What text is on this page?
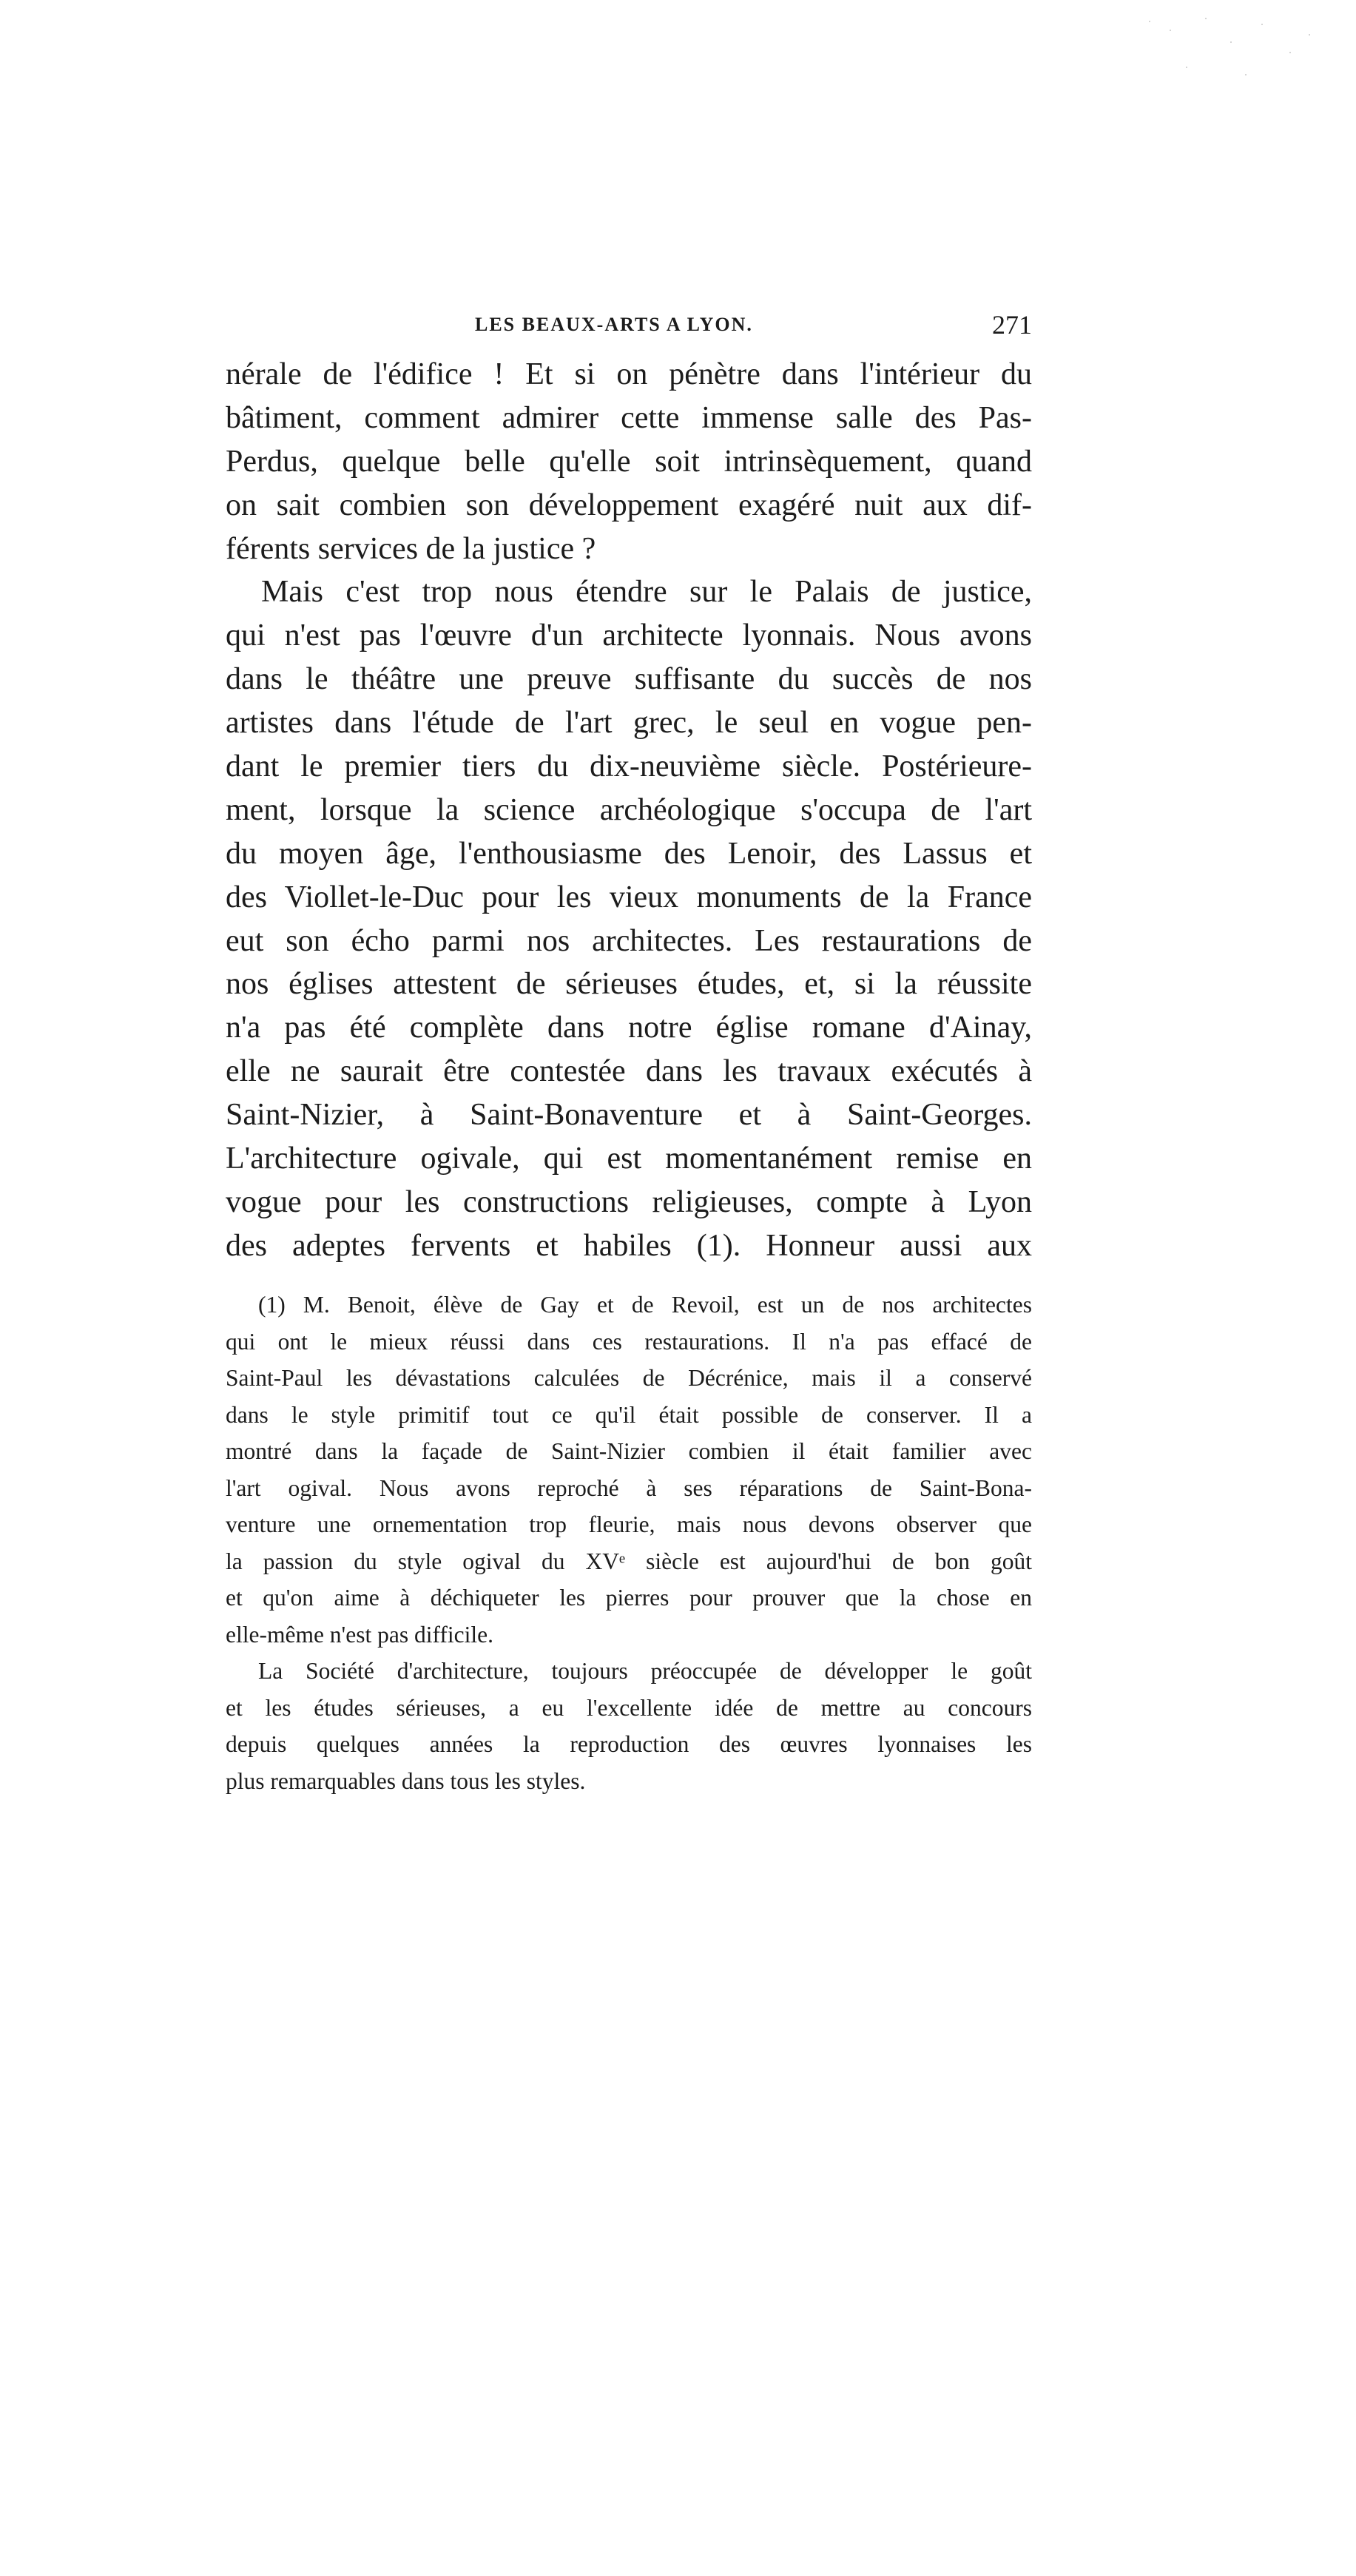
LES BEAUX-ARTS A LYON.	271
nérale de l'édifice ! Et si on pénètre dans l'intérieur du
bâtiment, comment admirer cette immense salle des Pas-
Perdus, quelque belle qu'elle soit intrinsèquement, quand
on sait combien son développement exagéré nuit aux dif-
férents services de la justice ?
Mais c'est trop nous étendre sur le Palais de justice,
qui n'est pas l'œuvre d'un architecte lyonnais. Nous avons
dans le théâtre une preuve suffisante du succès de nos
artistes dans l'étude de l'art grec, le seul en vogue pen-
dant le premier tiers du dix-neuvième siècle. Postérieure-
ment, lorsque la science archéologique s'occupa de l'art
du moyen âge, l'enthousiasme des Lenoir, des Lassus et
des Viollet-le-Duc pour les vieux monuments de la France
eut son écho parmi nos architectes. Les restaurations de
nos églises attestent de sérieuses études, et, si la réussite
n'a pas été complète dans notre église romane d'Ainay,
elle ne saurait être contestée dans les travaux exécutés à
Saint-Nizier, à Saint-Bonaventure et à Saint-Georges.
L'architecture ogivale, qui est momentanément remise en
vogue pour les constructions religieuses, compte à Lyon
des adeptes fervents et habiles (1). Honneur aussi aux
(1) M. Benoit, élève de Gay et de Revoil, est un de nos architectes
qui ont le mieux réussi dans ces restaurations. Il n'a pas effacé de
Saint-Paul les dévastations calculées de Décrénice, mais il a conservé
dans le style primitif tout ce qu'il était possible de conserver. Il a
montré dans la façade de Saint-Nizier combien il était familier avec
l'art ogival. Nous avons reproché à ses réparations de Saint-Bona-
venture une ornementation trop fleurie, mais nous devons observer que
la passion du style ogival du XVᵉ siècle est aujourd'hui de bon goût
et qu'on aime à déchiqueter les pierres pour prouver que la chose en
elle-même n'est pas difficile.
La Société d'architecture, toujours préoccupée de développer le goût
et les études sérieuses, a eu l'excellente idée de mettre au concours
depuis quelques années la reproduction des œuvres lyonnaises les
plus remarquables dans tous les styles.
